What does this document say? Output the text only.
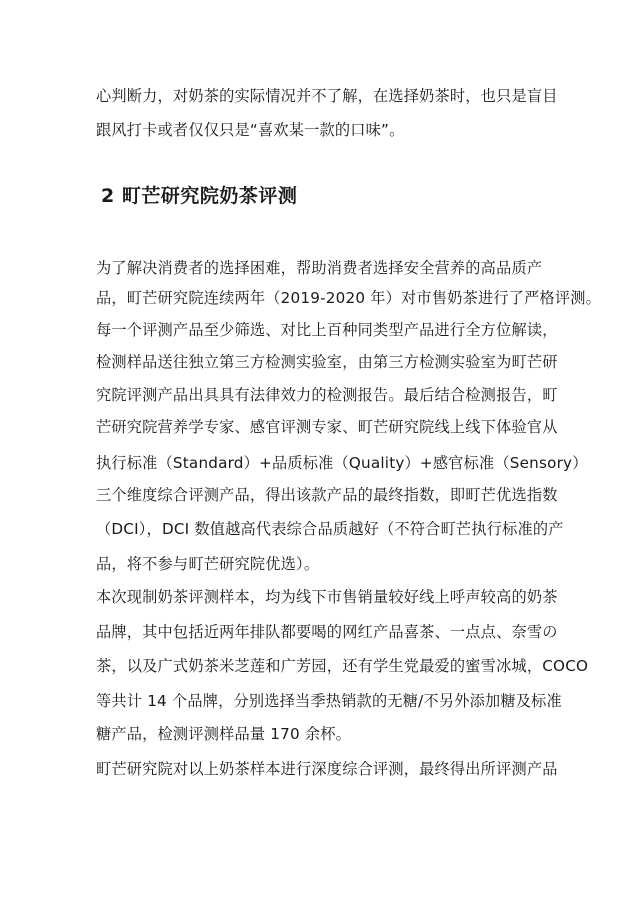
心判断力，对奶茶的实际情况并不了解，在选择奶茶时，也只是盲目
跟风打卡或者仅仅只是“喜欢某一款的口味”。
2 町芒研究院奶茶评测
为了解决消费者的选择困难，帮助消费者选择安全营养的高品质产
品，町芒研究院连续两年（2019-2020 年）对市售奶茶进行了严格评测。
每一个评测产品至少筛选、对比上百种同类型产品进行全方位解读，
检测样品送往独立第三方检测实验室，由第三方检测实验室为町芒研
究院评测产品出具具有法律效力的检测报告。最后结合检测报告，町
芒研究院营养学专家、感官评测专家、町芒研究院线上线下体验官从
执行标准（Standard）+品质标准（Quality）+感官标准（Sensory）
三个维度综合评测产品，得出该款产品的最终指数，即町芒优选指数
（DCI），DCI 数值越高代表综合品质越好（不符合町芒执行标准的产
品，将不参与町芒研究院优选）。
本次现制奶茶评测样本，均为线下市售销量较好线上呼声较高的奶茶
品牌，其中包括近两年排队都要喝的网红产品喜茶、一点点、奈雪の
茶，以及广式奶茶米芝莲和广芳园，还有学生党最爱的蜜雪冰城，COCO
等共计 14 个品牌，分别选择当季热销款的无糖/不另外添加糖及标准
糖产品，检测评测样品量 170 余杯。
町芒研究院对以上奶茶样本进行深度综合评测，最终得出所评测产品
